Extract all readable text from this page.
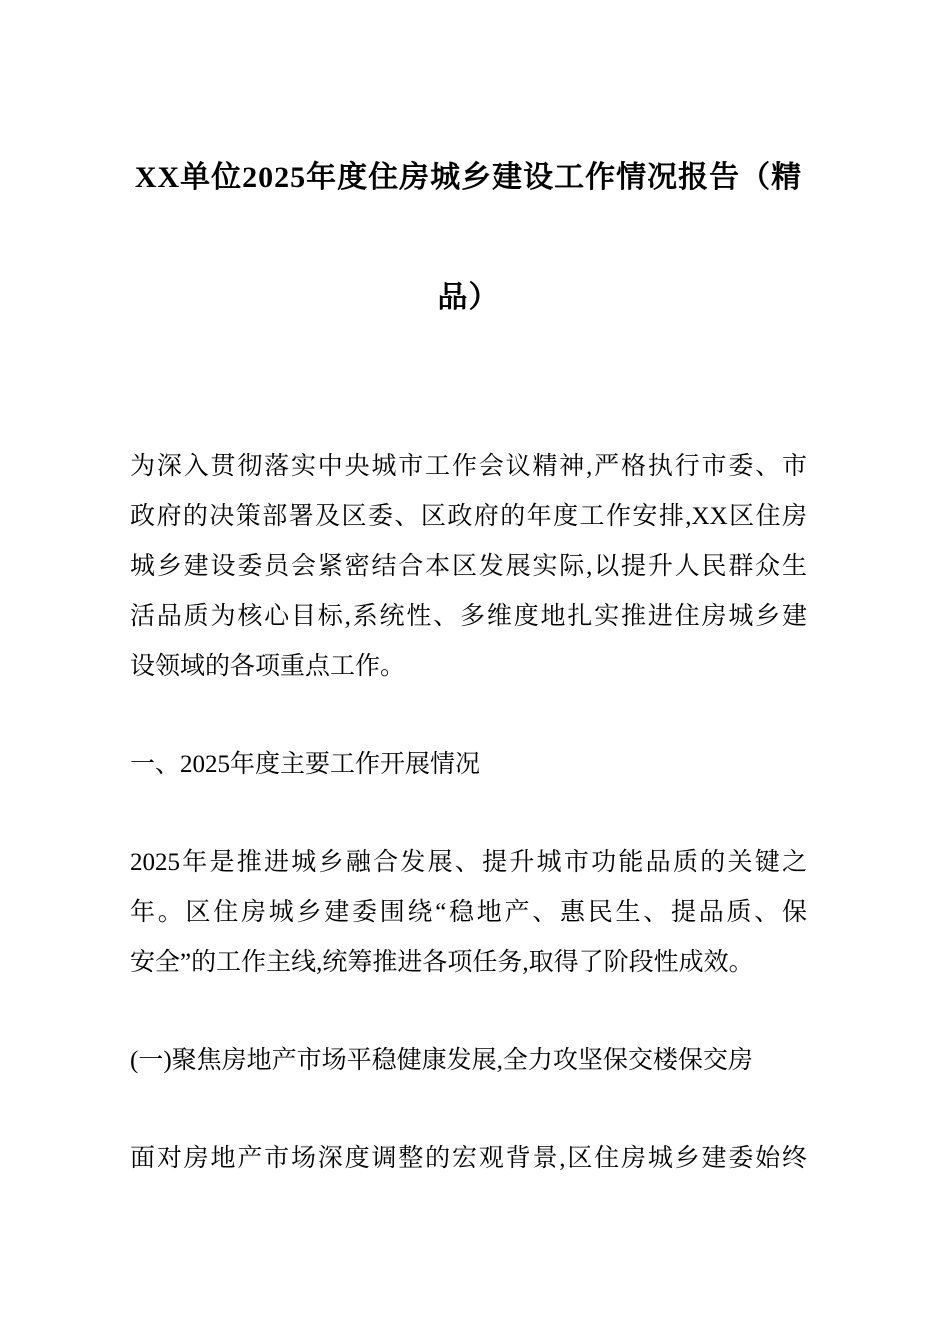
XX单位2025年度住房城乡建设工作情况报告（精
品）
为深入贯彻落实中央城市工作会议精神,严格执行市委、市
政府的决策部署及区委、区政府的年度工作安排,XX区住房
城乡建设委员会紧密结合本区发展实际,以提升人民群众生
活品质为核心目标,系统性、多维度地扎实推进住房城乡建
设领域的各项重点工作。
一、2025年度主要工作开展情况
2025年是推进城乡融合发展、提升城市功能品质的关键之
年。区住房城乡建委围绕“稳地产、惠民生、提品质、保
安全”的工作主线,统筹推进各项任务,取得了阶段性成效。
(一)聚焦房地产市场平稳健康发展,全力攻坚保交楼保交房
面对房地产市场深度调整的宏观背景,区住房城乡建委始终
